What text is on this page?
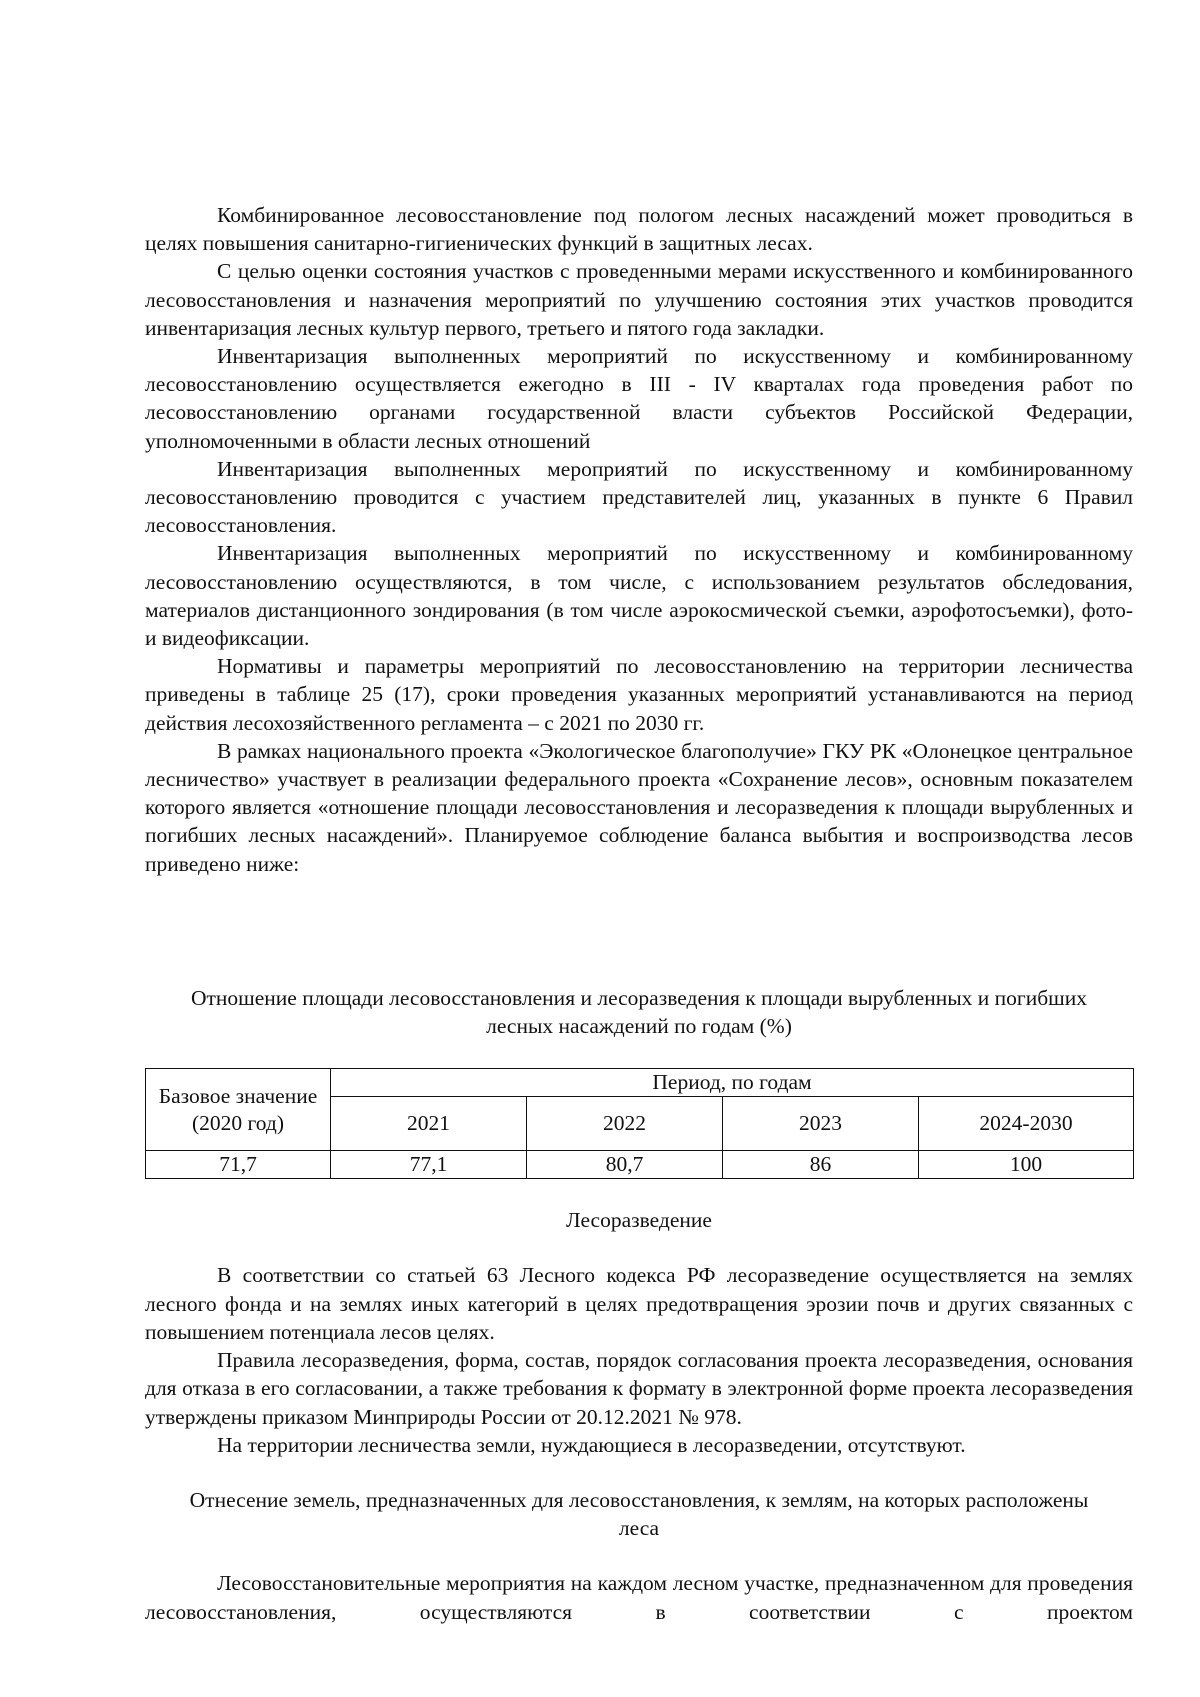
Комбинированное лесовосстановление под пологом лесных насаждений может проводиться в целях повышения санитарно-гигиенических функций в защитных лесах.

С целью оценки состояния участков с проведенными мерами искусственного и комбинированного лесовосстановления и назначения мероприятий по улучшению состояния этих участков проводится инвентаризация лесных культур первого, третьего и пятого года закладки.

Инвентаризация выполненных мероприятий по искусственному и комбинированному лесовосстановлению осуществляется ежегодно в III - IV кварталах года проведения работ по лесовосстановлению органами государственной власти субъектов Российской Федерации, уполномоченными в области лесных отношений

Инвентаризация выполненных мероприятий по искусственному и комбинированному лесовосстановлению проводится с участием представителей лиц, указанных в пункте 6 Правил лесовосстановления.

Инвентаризация выполненных мероприятий по искусственному и комбинированному лесовосстановлению осуществляются, в том числе, с использованием результатов обследования, материалов дистанционного зондирования (в том числе аэрокосмической съемки, аэрофотосъемки), фото- и видеофиксации.

Нормативы и параметры мероприятий по лесовосстановлению на территории лесничества приведены в таблице 25 (17), сроки проведения указанных мероприятий устанавливаются на период действия лесохозяйственного регламента – с 2021 по 2030 гг.

В рамках национального проекта «Экологическое благополучие» ГКУ РК «Олонецкое центральное лесничество» участвует в реализации федерального проекта «Сохранение лесов», основным показателем которого является «отношение площади лесовосстановления и лесоразведения к площади вырубленных и погибших лесных насаждений». Планируемое соблюдение баланса выбытия и воспроизводства лесов приведено ниже:

Отношение площади лесовосстановления и лесоразведения к площади вырубленных и погибших лесных насаждений по годам (%)
Базовое значение (2020 год)	Период, по годам			
	2021	2022	2023	2024-2030
71,7	77,1	80,7	86	100
Лесоразведение

В соответствии со статьей 63 Лесного кодекса РФ лесоразведение осуществляется на землях лесного фонда и на землях иных категорий в целях предотвращения эрозии почв и других связанных с повышением потенциала лесов целях.

Правила лесоразведения, форма, состав, порядок согласования проекта лесоразведения, основания для отказа в его согласовании, а также требования к формату в электронной форме проекта лесоразведения утверждены приказом Минприроды России от 20.12.2021 № 978.

На территории лесничества земли, нуждающиеся в лесоразведении, отсутствуют.

Отнесение земель, предназначенных для лесовосстановления, к землям, на которых расположены леса

Лесовосстановительные мероприятия на каждом лесном участке, предназначенном для проведения лесовосстановления, осуществляются в соответствии с проектом
